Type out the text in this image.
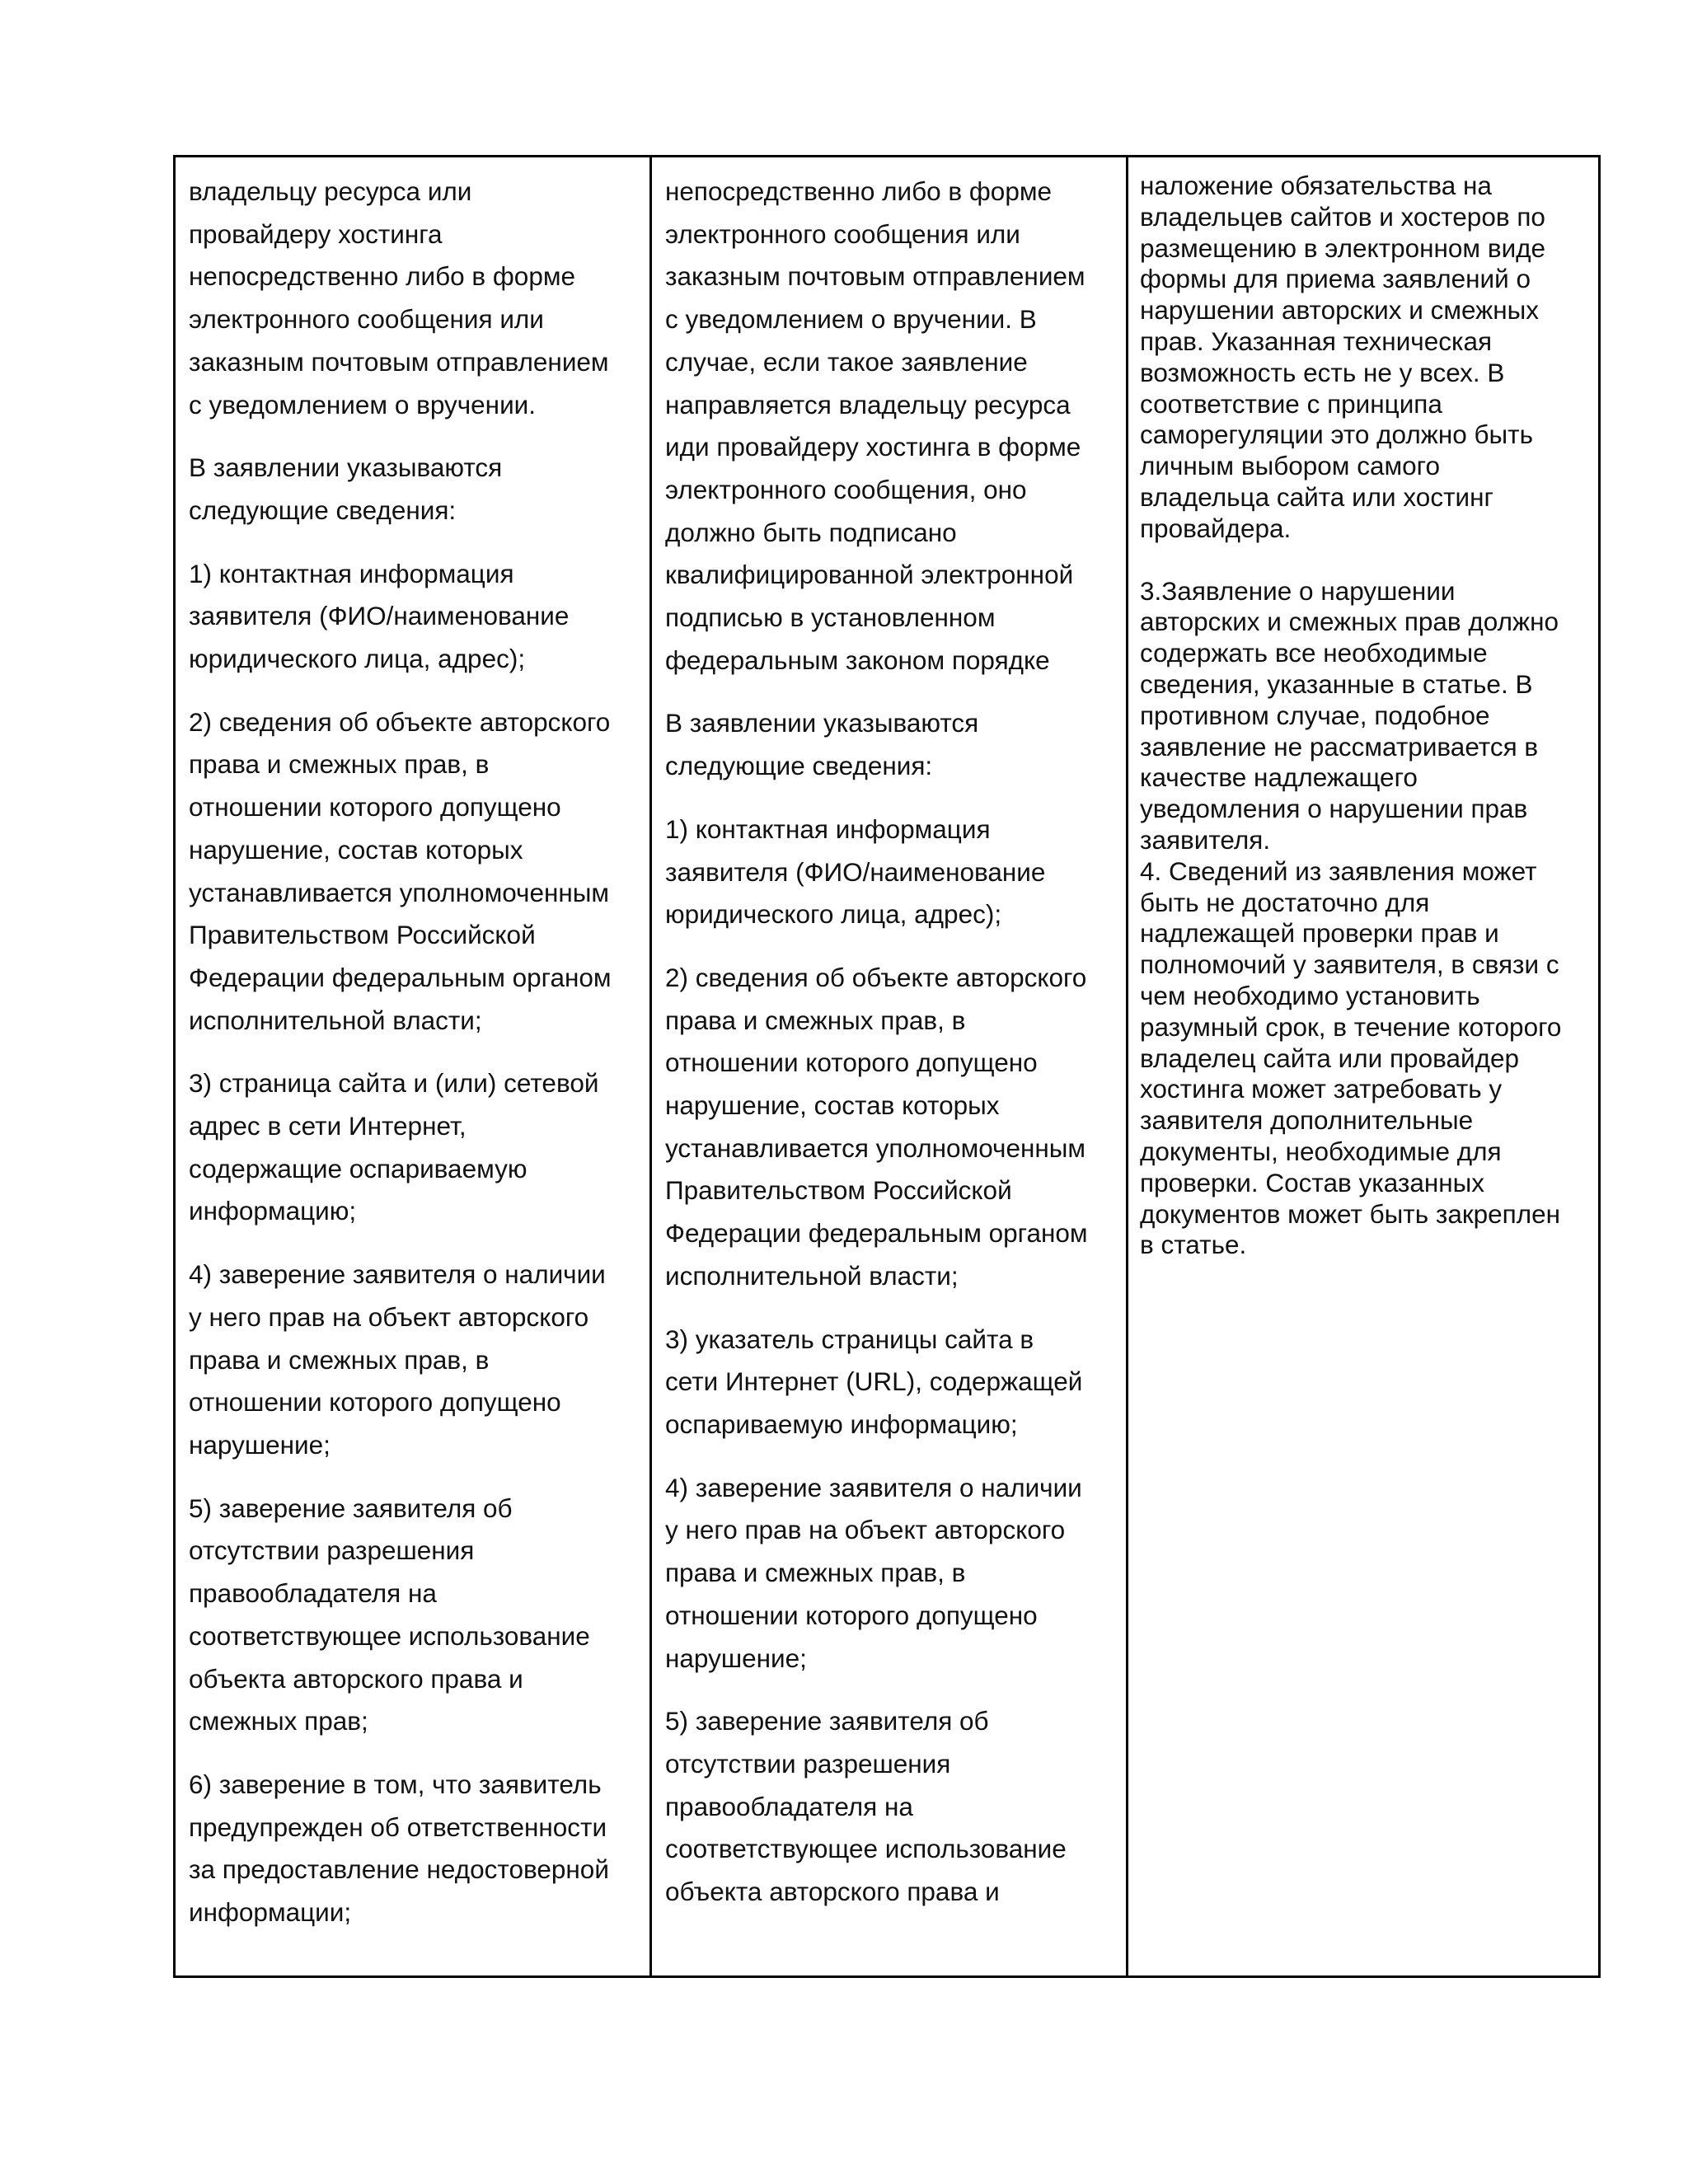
владельцу ресурса или
провайдеру хостинга
непосредственно либо в форме
электронного сообщения или
заказным почтовым отправлением
с уведомлением о вручении.

В заявлении указываются
следующие сведения:

1) контактная информация
заявителя (ФИО/наименование
юридического лица, адрес);

2) сведения об объекте авторского
права и смежных прав, в
отношении которого допущено
нарушение, состав которых
устанавливается уполномоченным
Правительством Российской
Федерации федеральным органом
исполнительной власти;

3) страница сайта и (или) сетевой
адрес в сети Интернет,
содержащие оспариваемую
информацию;

4) заверение заявителя о наличии
у него прав на объект авторского
права и смежных прав, в
отношении которого допущено
нарушение;

5) заверение заявителя об
отсутствии разрешения
правообладателя на
соответствующее использование
объекта авторского права и
смежных прав;

6) заверение в том, что заявитель
предупрежден об ответственности
за предоставление недостоверной
информации;

непосредственно либо в форме
электронного сообщения или
заказным почтовым отправлением
с уведомлением о вручении. В
случае, если такое заявление
направляется владельцу ресурса
иди провайдеру хостинга в форме
электронного сообщения, оно
должно быть подписано
квалифицированной электронной
подписью в установленном
федеральным законом порядке

В заявлении указываются
следующие сведения:

1) контактная информация
заявителя (ФИО/наименование
юридического лица, адрес);

2) сведения об объекте авторского
права и смежных прав, в
отношении которого допущено
нарушение, состав которых
устанавливается уполномоченным
Правительством Российской
Федерации федеральным органом
исполнительной власти;

3) указатель страницы сайта в
сети Интернет (URL), содержащей
оспариваемую информацию;

4) заверение заявителя о наличии
у него прав на объект авторского
права и смежных прав, в
отношении которого допущено
нарушение;

5) заверение заявителя об
отсутствии разрешения
правообладателя на
соответствующее использование
объекта авторского права и

наложение обязательства на
владельцев сайтов и хостеров по
размещению в электронном виде
формы для приема заявлений о
нарушении авторских и смежных
прав. Указанная техническая
возможность есть не у всех. В
соответствие с принципа
саморегуляции это должно быть
личным выбором самого
владельца сайта или хостинг
провайдера.

3.Заявление о нарушении
авторских и смежных прав должно
содержать все необходимые
сведения, указанные в статье. В
противном случае, подобное
заявление не рассматривается в
качестве надлежащего
уведомления о нарушении прав
заявителя.
4. Сведений из заявления может
быть не достаточно для
надлежащей проверки прав и
полномочий у заявителя, в связи с
чем необходимо установить
разумный срок, в течение которого
владелец сайта или провайдер
хостинга может затребовать у
заявителя дополнительные
документы, необходимые для
проверки. Состав указанных
документов может быть закреплен
в статье.
